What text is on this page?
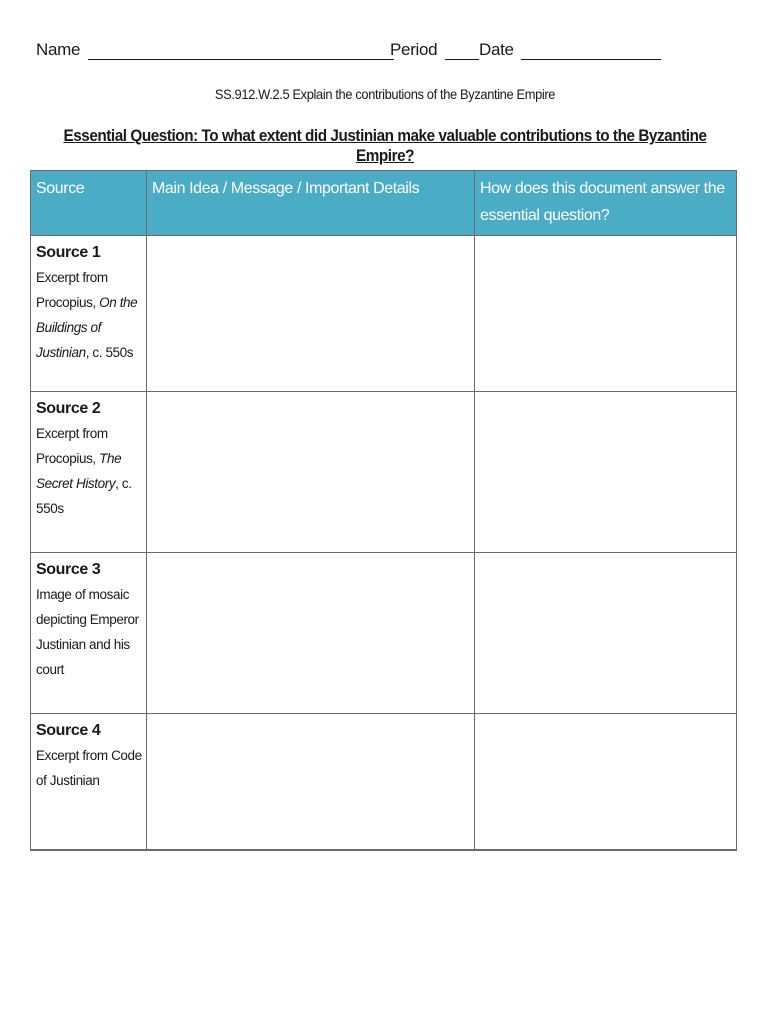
Name	Period	Date
SS.912.W.2.5 Explain the contributions of the Byzantine Empire
Essential Question: To what extent did Justinian make valuable contributions to the Byzantine Empire?
Source	Main Idea / Message / Important Details	How does this document answer the essential question?

Source 1
Excerpt from Procopius, On the Buildings of Justinian, c. 550s		

Source 2
Excerpt from Procopius, The Secret History, c. 550s		

Source 3
Image of mosaic depicting Emperor Justinian and his court		

Source 4
Excerpt from Code of Justinian		
